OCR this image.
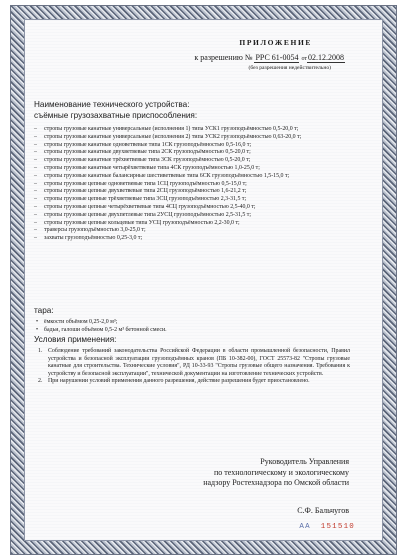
ПРИЛОЖЕНИЕ
к разрешению № РРС 61-0054 от02.12.2008
(без разрешения недействительно)
Наименование технического устройства:
съёмные грузозахватные приспособления:
– стропы грузовые канатные универсальные (исполнения 1) типа УСК1 грузоподъёмностью 0,5-20,0 т;
– стропы грузовые канатные универсальные (исполнения 2) типа УСК2 грузоподъёмностью 0,63-20,0 т;
– стропы грузовые канатные одноветвевые типа 1СК грузоподъёмностью 0,5-16,0 т;
– стропы грузовые канатные двухветвевые типа 2СК грузоподъёмностью 0,5-20,0 т;
– стропы грузовые канатные трёхветвевые типа 3СК грузоподъёмностью 0,5-20,0 т;
– стропы грузовые канатные четырёхветвевые типа 4СК грузоподъёмностью 1,0-25,0 т;
– стропы грузовые канатные балансирные шестиветвевые типа 6СК грузоподъёмностью 1,5-15,0 т;
– стропы грузовые цепные одноветвевые типа 1СЦ грузоподъёмностью 0,5-15,0 т;
– стропы грузовые цепные двухветвевые типа 2СЦ грузоподъёмностью 1,6-21,2 т;
– стропы грузовые цепные трёхветвевые типа 3СЦ грузоподъёмностью 2,3-31,5 т;
– стропы грузовые цепные четырёхветвевые типа 4СЦ грузоподъёмностью 2,5-40,0 т;
– стропы грузовые цепные двухпетлевые типа 2УСЦ грузоподъёмностью 2,5-31,5 т;
– стропы грузовые цепные кольцевые типа УСЦ грузоподъёмностью 2,2-30,0 т;
– траверсы грузоподъёмностью 3,0-25,0 т;
– захваты грузоподъёмностью 0,25-3,0 т;
тара:
• ёмкости объёмом 0,25-2,0 м³;
• бадьи, галоши объёмом 0,5-2 м³ бетонной смеси.
Условия применения:
1. Соблюдение требований законодательства Российской Федерации в области промышленной безопасности, Правил устройства и безопасной эксплуатации грузоподъёмных кранов (ПБ 10-382-00), ГОСТ 25573-82 "Стропы грузовые канатные для строительства. Технические условия", РД 10-33-93 "Стропы грузовые общего назначения. Требования к устройству и безопасной эксплуатации", технической документации на изготовление технических устройств.
2. При нарушении условий применения данного разрешения, действие разрешения будет приостановлено.
Руководитель Управления
по технологическому и экологическому
надзору Ростехнадзора по Омской области
С.Ф. Бальчугов
АА 151510
